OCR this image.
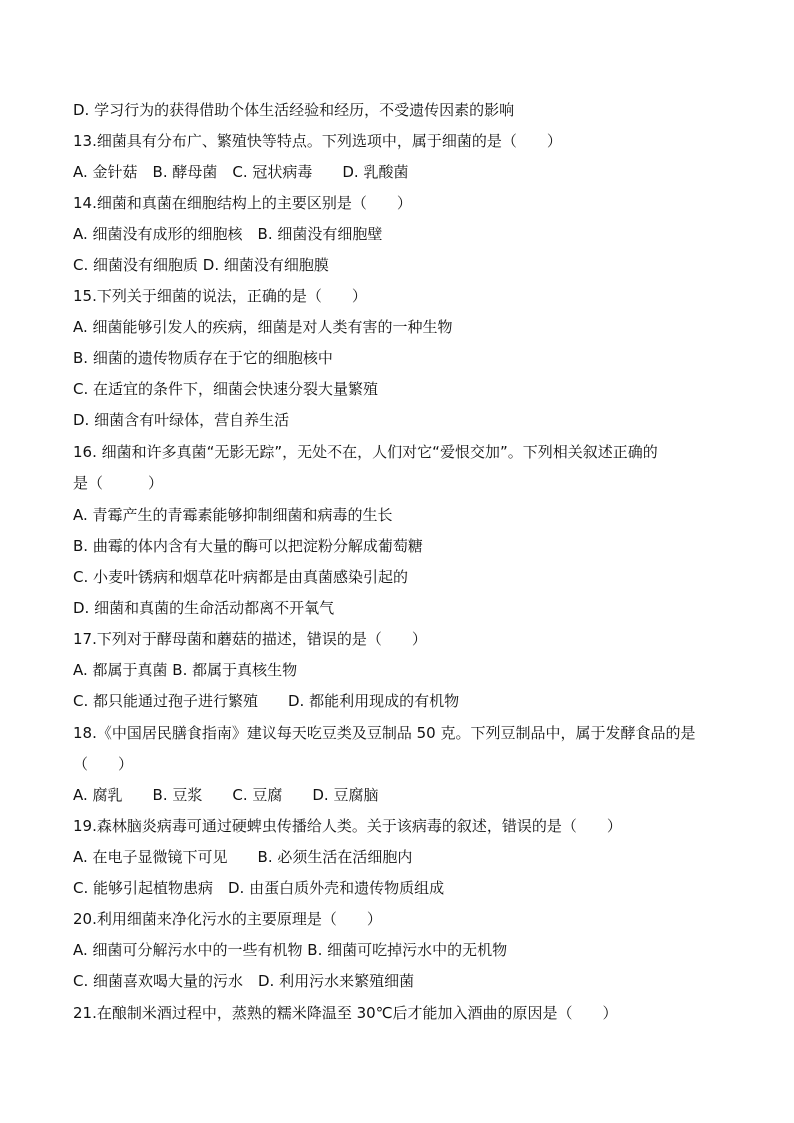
D. 学习行为的获得借助个体生活经验和经历，不受遗传因素的影响
13.细菌具有分布广、繁殖快等特点。下列选项中，属于细菌的是（　　）
A. 金针菇　B. 酵母菌　C. 冠状病毒　　D. 乳酸菌
14.细菌和真菌在细胞结构上的主要区别是（　　）
A. 细菌没有成形的细胞核　B. 细菌没有细胞壁
C. 细菌没有细胞质 D. 细菌没有细胞膜
15.下列关于细菌的说法，正确的是（　　）
A. 细菌能够引发人的疾病，细菌是对人类有害的一种生物
B. 细菌的遗传物质存在于它的细胞核中
C. 在适宜的条件下，细菌会快速分裂大量繁殖
D. 细菌含有叶绿体，营自养生活
16. 细菌和许多真菌“无影无踪”，无处不在，人们对它“爱恨交加”。下列相关叙述正确的
是（　　　）
A. 青霉产生的青霉素能够抑制细菌和病毒的生长
B. 曲霉的体内含有大量的酶可以把淀粉分解成葡萄糖
C. 小麦叶锈病和烟草花叶病都是由真菌感染引起的
D. 细菌和真菌的生命活动都离不开氧气
17.下列对于酵母菌和蘑菇的描述，错误的是（　　）
A. 都属于真菌 B. 都属于真核生物
C. 都只能通过孢子进行繁殖　　D. 都能利用现成的有机物
18.《中国居民膳食指南》建议每天吃豆类及豆制品 50 克。下列豆制品中，属于发酵食品的是
（　　）
A. 腐乳　　B. 豆浆　　C. 豆腐　　D. 豆腐脑
19.森林脑炎病毒可通过硬蜱虫传播给人类。关于该病毒的叙述，错误的是（　　）
A. 在电子显微镜下可见　　B. 必须生活在活细胞内
C. 能够引起植物患病　D. 由蛋白质外壳和遗传物质组成
20.利用细菌来净化污水的主要原理是（　　）
A. 细菌可分解污水中的一些有机物 B. 细菌可吃掉污水中的无机物
C. 细菌喜欢喝大量的污水　D. 利用污水来繁殖细菌
21.在酿制米酒过程中，蒸熟的糯米降温至 30℃后才能加入酒曲的原因是（　　）
